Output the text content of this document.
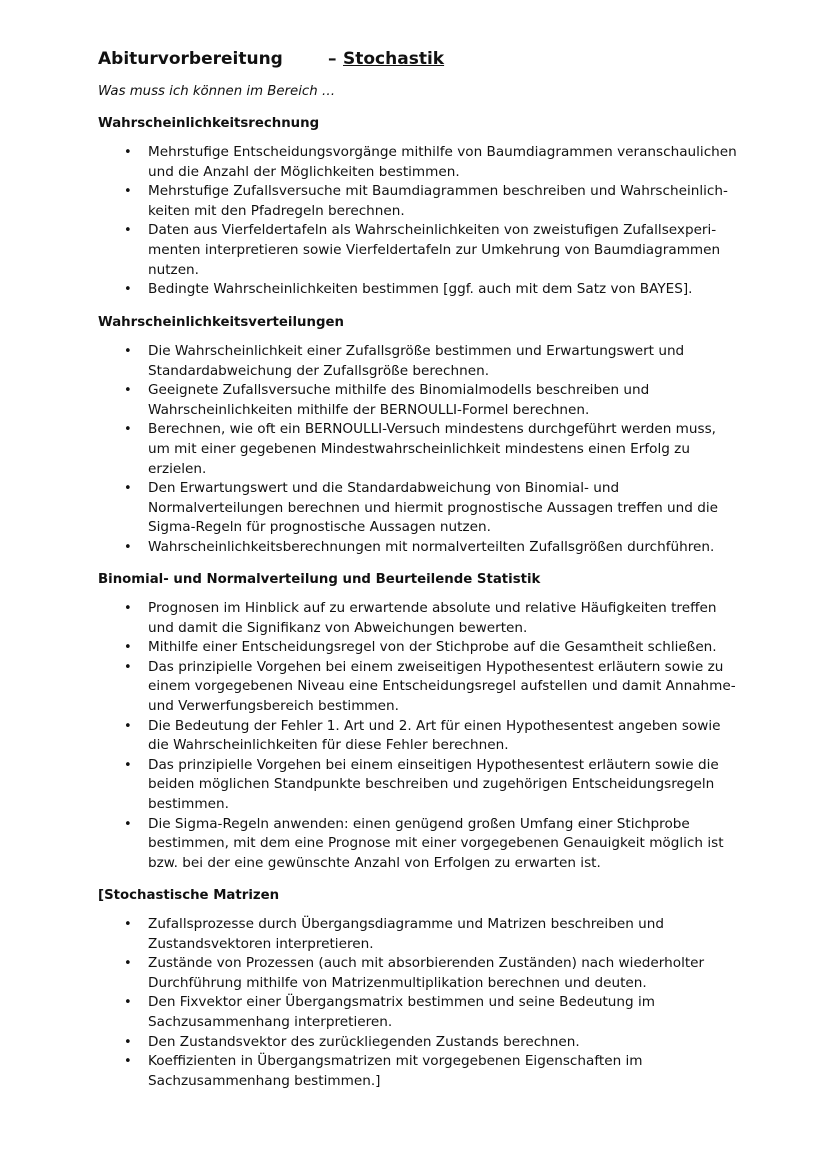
Abiturvorbereitung	– Stochastik
Was muss ich können im Bereich …
Wahrscheinlichkeitsrechnung
• Mehrstufige Entscheidungsvorgänge mithilfe von Baumdiagrammen veranschaulichen und die Anzahl der Möglichkeiten bestimmen.
• Mehrstufige Zufallsversuche mit Baumdiagrammen beschreiben und Wahrscheinlich-keiten mit den Pfadregeln berechnen.
• Daten aus Vierfeldertafeln als Wahrscheinlichkeiten von zweistufigen Zufallsexperi-menten interpretieren sowie Vierfeldertafeln zur Umkehrung von Baumdiagrammen nutzen.
• Bedingte Wahrscheinlichkeiten bestimmen [ggf. auch mit dem Satz von BAYES].
Wahrscheinlichkeitsverteilungen
• Die Wahrscheinlichkeit einer Zufallsgröße bestimmen und Erwartungswert und Standardabweichung der Zufallsgröße berechnen.
• Geeignete Zufallsversuche mithilfe des Binomialmodells beschreiben und Wahrscheinlichkeiten mithilfe der BERNOULLI-Formel berechnen.
• Berechnen, wie oft ein BERNOULLI-Versuch mindestens durchgeführt werden muss, um mit einer gegebenen Mindestwahrscheinlichkeit mindestens einen Erfolg zu erzielen.
• Den Erwartungswert und die Standardabweichung von Binomial- und Normalverteilungen berechnen und hiermit prognostische Aussagen treffen und die Sigma-Regeln für prognostische Aussagen nutzen.
• Wahrscheinlichkeitsberechnungen mit normalverteilten Zufallsgrößen durchführen.
Binomial- und Normalverteilung und Beurteilende Statistik
• Prognosen im Hinblick auf zu erwartende absolute und relative Häufigkeiten treffen und damit die Signifikanz von Abweichungen bewerten.
• Mithilfe einer Entscheidungsregel von der Stichprobe auf die Gesamtheit schließen.
• Das prinzipielle Vorgehen bei einem zweiseitigen Hypothesentest erläutern sowie zu einem vorgegebenen Niveau eine Entscheidungsregel aufstellen und damit Annahme- und Verwerfungsbereich bestimmen.
• Die Bedeutung der Fehler 1. Art und 2. Art für einen Hypothesentest angeben sowie die Wahrscheinlichkeiten für diese Fehler berechnen.
• Das prinzipielle Vorgehen bei einem einseitigen Hypothesentest erläutern sowie die beiden möglichen Standpunkte beschreiben und zugehörigen Entscheidungsregeln bestimmen.
• Die Sigma-Regeln anwenden: einen genügend großen Umfang einer Stichprobe bestimmen, mit dem eine Prognose mit einer vorgegebenen Genauigkeit möglich ist bzw. bei der eine gewünschte Anzahl von Erfolgen zu erwarten ist.
[Stochastische Matrizen
• Zufallsprozesse durch Übergangsdiagramme und Matrizen beschreiben und Zustandsvektoren interpretieren.
• Zustände von Prozessen (auch mit absorbierenden Zuständen) nach wiederholter Durchführung mithilfe von Matrizenmultiplikation berechnen und deuten.
• Den Fixvektor einer Übergangsmatrix bestimmen und seine Bedeutung im Sachzusammenhang interpretieren.
• Den Zustandsvektor des zurückliegenden Zustands berechnen.
• Koeffizienten in Übergangsmatrizen mit vorgegebenen Eigenschaften im Sachzusammenhang bestimmen.]
